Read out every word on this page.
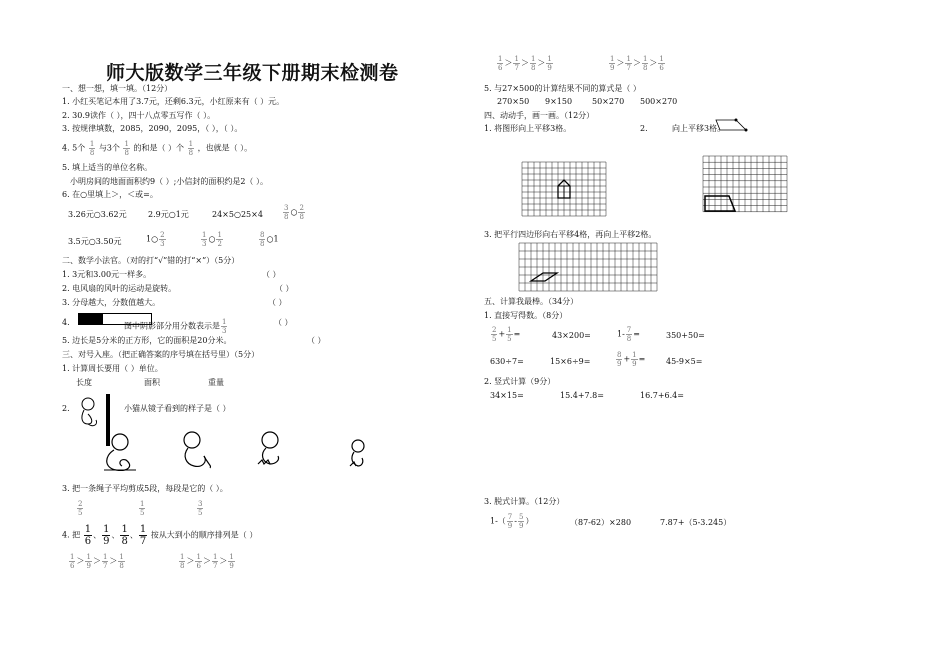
师大版数学三年级下册期末检测卷
一、想一想，填一填。（12分）
1. 小红买笔记本用了3.7元，还剩6.3元，小红原来有（ ）元。
2. 30.9读作（ ），四十八点零五写作（ ）。
3. 按规律填数，2085，2090，2095，（ ），（ ）。
4. 5个 $\frac{1}{8}$ 与3个 $\frac{1}{8}$ 的和是（ ）个 $\frac{1}{8}$ ，也就是（ ）。
5. 填上适当的单位名称。
小明房间的地面面积约9（ ）;小信封的面积约是2（ ）。
6. 在○里填上＞，＜或=。
3.26元○3.62元	2.9元○1元	24×5○25×4	$\frac{3}{8}$ ○ $\frac{2}{8}$
3.5元○3.50元	1○ $\frac{2}{3}$	$\frac{1}{3}$ ○ $\frac{1}{2}$	$\frac{8}{8}$ ○1
二、数学小法官。（对的打“√”错的打“×”）（5分）
1. 3元和3.00元一样多。	（ ）
2. 电风扇的风叶的运动是旋转。	（ ）
3. 分母越大，分数值越大。	（ ）
4.	图中阴影部分用分数表示是 $\frac{1}{3}$	（ ）
5. 边长是5分米的正方形，它的面积是20分米。	（ ）
三、对号入座。（把正确答案的序号填在括号里）（5分）
1. 计算周长要用（ ）单位。
长度	面积	重量
2.	小猫从镜子看到的样子是（ ）
3. 把一条绳子平均剪成5段，每段是它的（ ）。
$\frac{2}{5}$	$\frac{1}{5}$	$\frac{3}{5}$
4. 把 $\frac{1}{6}$ 、 $\frac{1}{9}$ 、 $\frac{1}{8}$ 、 $\frac{1}{7}$ 按从大到小的顺序排列是（ ）
$\frac{1}{6} > \frac{1}{9} > \frac{1}{7} > \frac{1}{8}$	$\frac{1}{8} > \frac{1}{6} > \frac{1}{7} > \frac{1}{9}$
$\frac{1}{6} > \frac{1}{7} > \frac{1}{8} > \frac{1}{9}$	$\frac{1}{9} > \frac{1}{7} > \frac{1}{8} > \frac{1}{6}$
5. 与27×500的计算结果不同的算式是（ ）
270×50 9×150 50×270 500×270
四、动动手，画一画。（12分）
1. 将图形向上平移3格。	2.	向上平移3格。
3. 把平行四边形向右平移4格，再向上平移2格。
五、计算我最棒。（34分）
1. 直接写得数。（8分）
$\frac{2}{5} + \frac{1}{5}$ =	43×200=	$1- \frac{7}{8}$ =	350+50=
630÷7=	15×6÷9=	$\frac{8}{9} + \frac{1}{9}$ =	45-9×5=
2. 竖式计算（9分）
34×15=	15.4+7.8=	16.7+6.4=
3. 脱式计算。（12分）
$1-( \frac{7}{9} - \frac{5}{9}$ ）	（87-62）×280	7.87+（5-3.245）
